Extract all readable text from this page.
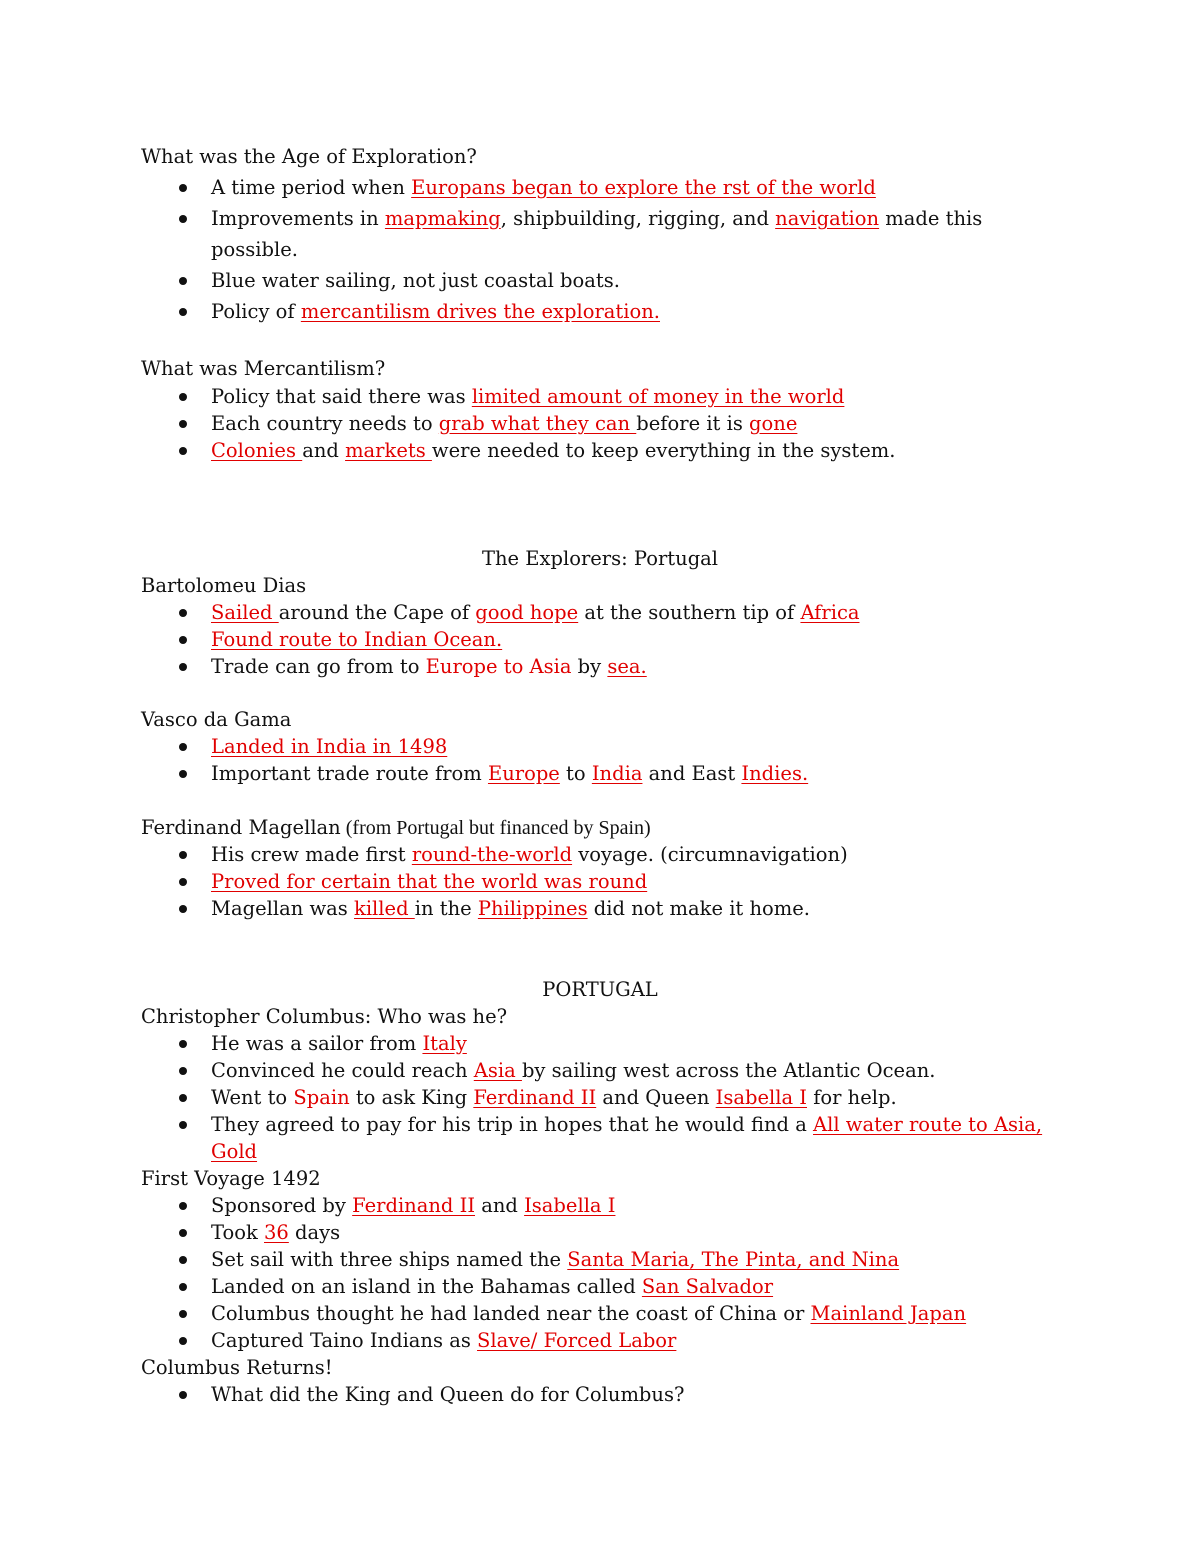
What was the Age of Exploration?
A time period when Europans began to explore the rst of the world
Improvements in mapmaking, shipbuilding, rigging, and navigation made this
possible.
Blue water sailing, not just coastal boats.
Policy of mercantilism drives the exploration.
What was Mercantilism?
Policy that said there was limited amount of money in the world
Each country needs to grab what they can before it is gone
Colonies and markets were needed to keep everything in the system.
The Explorers: Portugal
Bartolomeu Dias
Sailed around the Cape of good hope at the southern tip of Africa
Found route to Indian Ocean.
Trade can go from to Europe to Asia by sea.
Vasco da Gama
Landed in India in 1498
Important trade route from Europe to India and East Indies.
Ferdinand Magellan (from Portugal but financed by Spain)
His crew made first round-the-world voyage. (circumnavigation)
Proved for certain that the world was round
Magellan was killed in the Philippines did not make it home.
PORTUGAL
Christopher Columbus: Who was he?
He was a sailor from Italy
Convinced he could reach Asia by sailing west across the Atlantic Ocean.
Went to Spain to ask King Ferdinand II and Queen Isabella I for help.
They agreed to pay for his trip in hopes that he would find a All water route to Asia,
Gold
First Voyage 1492
Sponsored by Ferdinand II and Isabella I
Took 36 days
Set sail with three ships named the Santa Maria, The Pinta, and Nina
Landed on an island in the Bahamas called San Salvador
Columbus thought he had landed near the coast of China or Mainland Japan
Captured Taino Indians as Slave/ Forced Labor
Columbus Returns!
What did the King and Queen do for Columbus?
